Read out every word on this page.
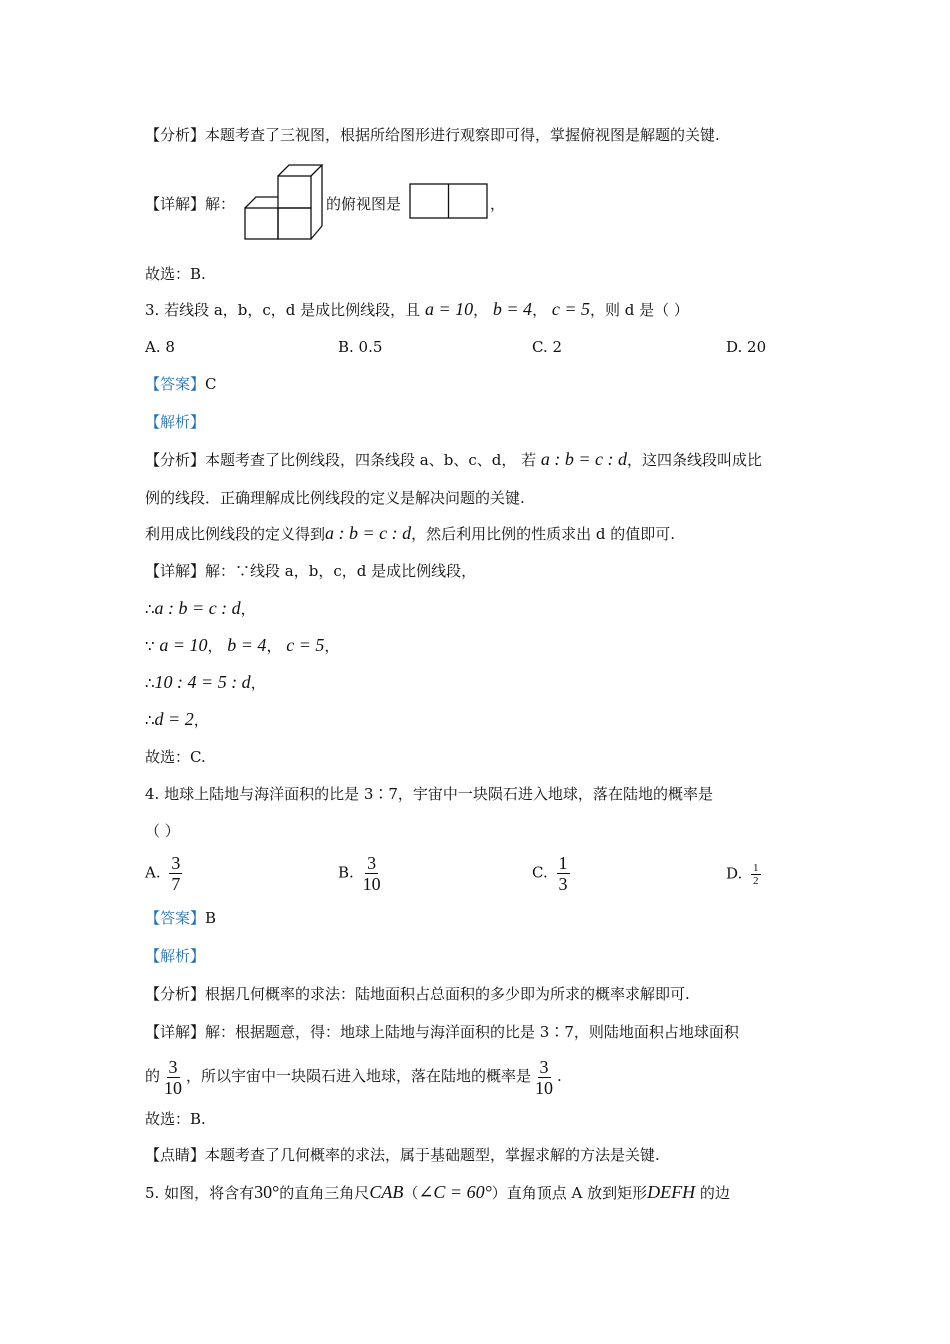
【分析】本题考查了三视图，根据所给图形进行观察即可得，掌握俯视图是解题的关键.
【详解】解：	的俯视图是	，
故选：B.
3. 若线段 a，b，c，d 是成比例线段，且 a = 10， b = 4， c = 5，则 d 是（ ）
A. 8	B. 0.5	C. 2	D. 20
【答案】C
【解析】
【分析】本题考查了比例线段，四条线段 a、b、c、d， 若 a : b = c : d，这四条线段叫成比
例的线段．正确理解成比例线段的定义是解决问题的关键.
利用成比例线段的定义得到a : b = c : d，然后利用比例的性质求出 d 的值即可.
【详解】解：∵线段 a，b，c，d 是成比例线段，
∴a : b = c : d，
∵ a = 10， b = 4， c = 5，
∴10 : 4 = 5 : d，
∴d = 2，
故选：C.
4. 地球上陆地与海洋面积的比是 3∶7，宇宙中一块陨石进入地球，落在陆地的概率是
（ ）
A. $\frac{3}{7}$	B. $\frac{3}{10}$	C. $\frac{1}{3}$	D. $\frac{1}{2}$
【答案】B
【解析】
【分析】根据几何概率的求法：陆地面积占总面积的多少即为所求的概率求解即可.
【详解】解：根据题意，得：地球上陆地与海洋面积的比是 3∶7，则陆地面积占地球面积
的 $\frac{3}{10}$ ，所以宇宙中一块陨石进入地球，落在陆地的概率是 $\frac{3}{10}$ .
故选：B.
【点睛】本题考查了几何概率的求法，属于基础题型，掌握求解的方法是关键.
5. 如图，将含有30°的直角三角尺CAB（∠C = 60°）直角顶点 A 放到矩形DEFH 的边
